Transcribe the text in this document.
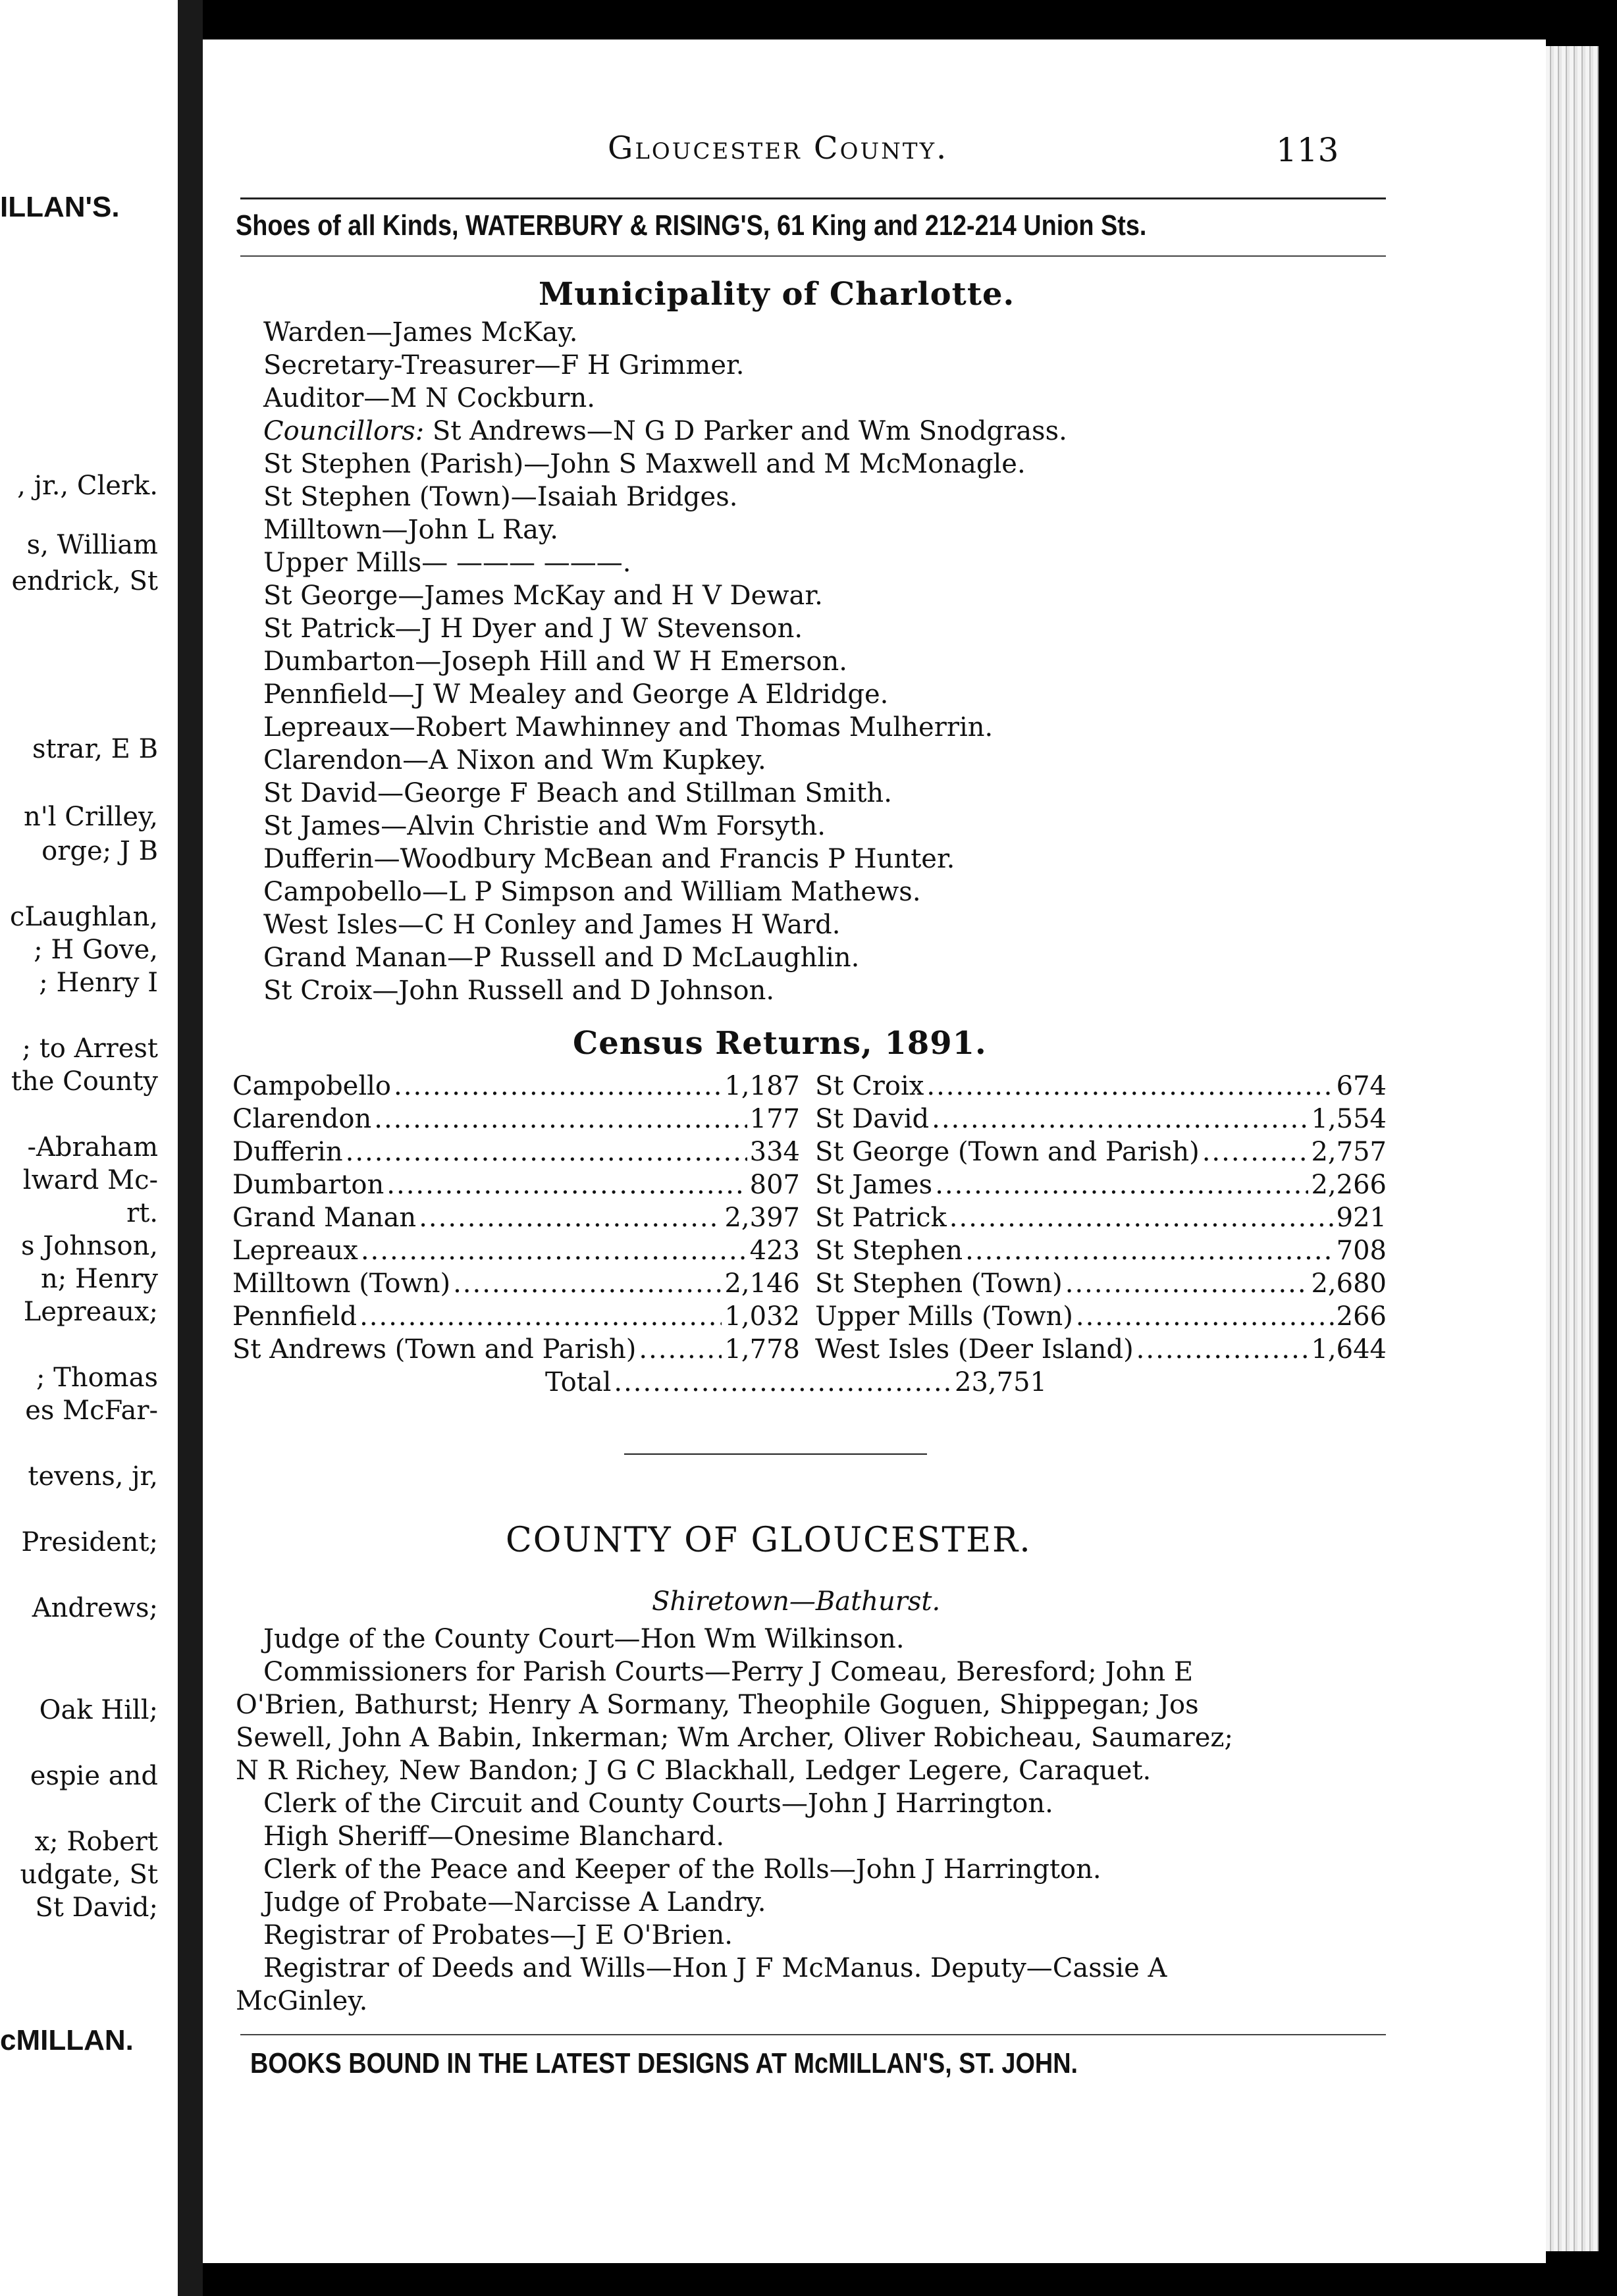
ILLAN'S.
, jr., Clerk.
s, William
endrick, St
strar, E B
n'l Crilley,
orge; J B
cLaughlan,
; H Gove,
; Henry I
; to Arrest
the County
-Abraham
lward Mc-
rt.
s Johnson,
n; Henry
Lepreaux;
; Thomas
es McFar-
tevens, jr,
President;
Andrews;
Oak Hill;
espie and
x; Robert
udgate, St
St David;
cMILLAN.
Gloucester County.	113
Shoes of all Kinds, WATERBURY & RISING'S, 61 King and 212-214 Union Sts.
Municipality of Charlotte.
Warden—James McKay.
Secretary-Treasurer—F H Grimmer.
Auditor—M N Cockburn.
Councillors: St Andrews—N G D Parker and Wm Snodgrass.
St Stephen (Parish)—John S Maxwell and M McMonagle.
St Stephen (Town)—Isaiah Bridges.
Milltown—John L Ray.
Upper Mills— ——— ———.
St George—James McKay and H V Dewar.
St Patrick—J H Dyer and J W Stevenson.
Dumbarton—Joseph Hill and W H Emerson.
Pennfield—J W Mealey and George A Eldridge.
Lepreaux—Robert Mawhinney and Thomas Mulherrin.
Clarendon—A Nixon and Wm Kupkey.
St David—George F Beach and Stillman Smith.
St James—Alvin Christie and Wm Forsyth.
Dufferin—Woodbury McBean and Francis P Hunter.
Campobello—L P Simpson and William Mathews.
West Isles—C H Conley and James H Ward.
Grand Manan—P Russell and D McLaughlin.
St Croix—John Russell and D Johnson.
Census Returns, 1891.
Campobello .....	1,187
Clarendon .....	177
Dufferin .....	334
Dumbarton .....	807
Grand Manan .....	2,397
Lepreaux .....	423
Milltown (Town) .....	2,146
Pennfield .....	1,032
St Andrews (Town and Parish) .....	1,778
St Croix .....	674
St David .....	1,554
St George (Town and Parish) .....	2,757
St James .....	2,266
St Patrick .....	921
St Stephen .....	708
St Stephen (Town) .....	2,680
Upper Mills (Town) .....	266
West Isles (Deer Island) .....	1,644
Total .....	23,751
COUNTY OF GLOUCESTER.
Shiretown—Bathurst.
Judge of the County Court—Hon Wm Wilkinson.
Commissioners for Parish Courts—Perry J Comeau, Beresford; John E
O'Brien, Bathurst; Henry A Sormany, Theophile Goguen, Shippegan; Jos
Sewell, John A Babin, Inkerman; Wm Archer, Oliver Robicheau, Saumarez;
N R Richey, New Bandon; J G C Blackhall, Ledger Legere, Caraquet.
Clerk of the Circuit and County Courts—John J Harrington.
High Sheriff—Onesime Blanchard.
Clerk of the Peace and Keeper of the Rolls—John J Harrington.
Judge of Probate—Narcisse A Landry.
Registrar of Probates—J E O'Brien.
Registrar of Deeds and Wills—Hon J F McManus. Deputy—Cassie A
McGinley.
BOOKS BOUND IN THE LATEST DESIGNS AT McMILLAN'S, ST. JOHN.
